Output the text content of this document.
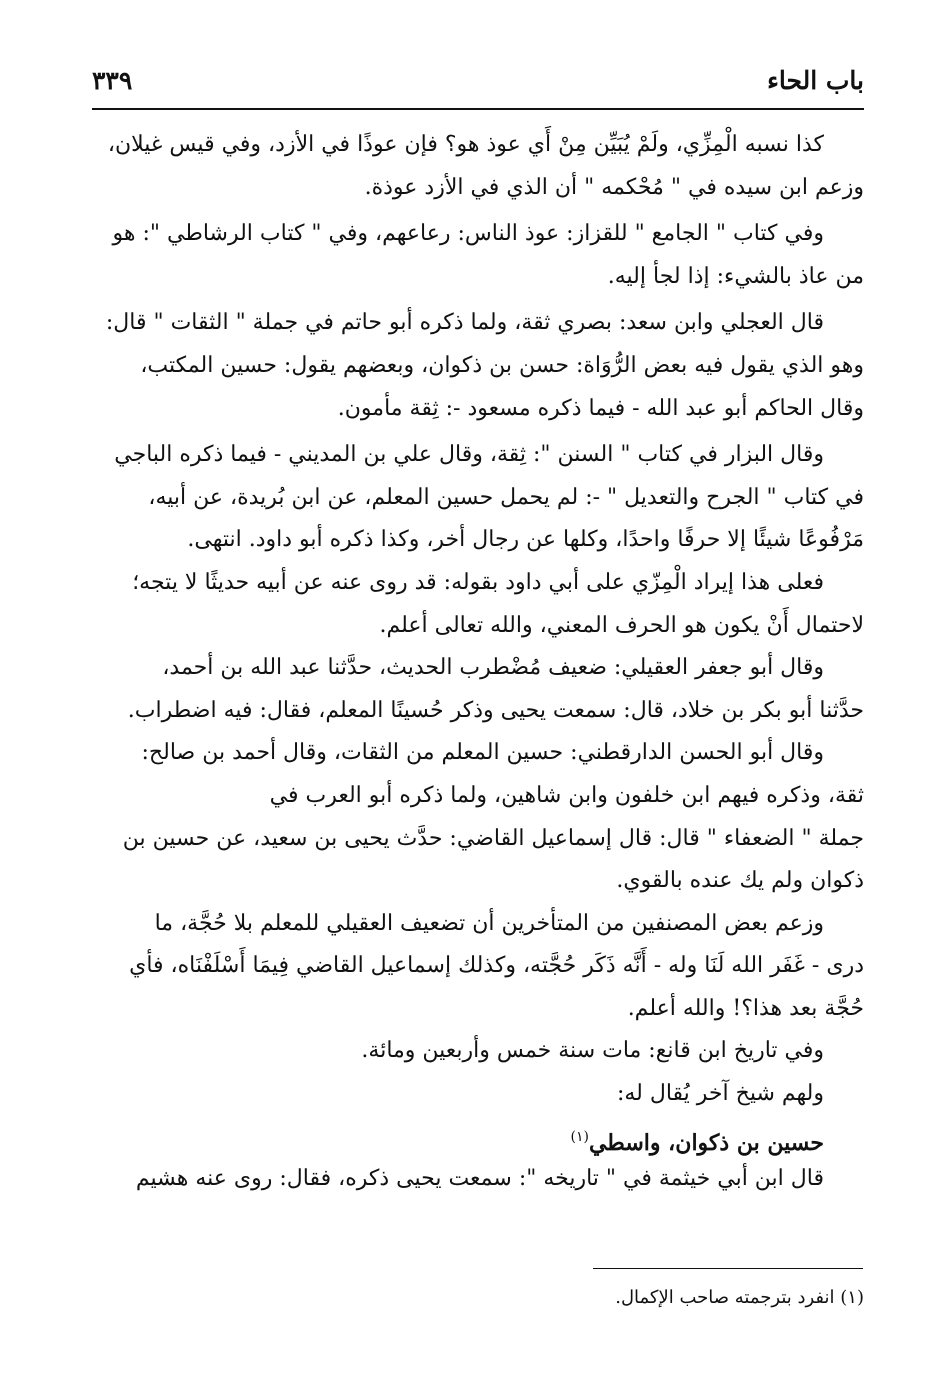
باب الحاء
٣٣٩
كذا نسبه الْمِزِّي، ولَمْ يُبَيِّن مِنْ أَي عوذ هو؟ فإن عوذًا في الأزد، وفي قيس غيلان،
وزعم ابن سيده في " مُحْكمه " أن الذي في الأزد عوذة.
وفي كتاب " الجامع " للقزاز: عوذ الناس: رعاعهم، وفي " كتاب الرشاطي ": هو
من عاذ بالشيء: إذا لجأ إليه.
قال العجلي وابن سعد: بصري ثقة، ولما ذكره أبو حاتم في جملة " الثقات " قال:
وهو الذي يقول فيه بعض الرُّوَاة: حسن بن ذكوان، وبعضهم يقول: حسين المكتب،
وقال الحاكم أبو عبد الله - فيما ذكره مسعود -: ثِقة مأمون.
وقال البزار في كتاب " السنن ": ثِقة، وقال علي بن المديني - فيما ذكره الباجي
في كتاب " الجرح والتعديل " -: لم يحمل حسين المعلم، عن ابن بُريدة، عن أبيه،
مَرْفُوعًا شيئًا إلا حرفًا واحدًا، وكلها عن رجال أخر، وكذا ذكره أبو داود. انتهى.
فعلى هذا إيراد الْمِزّي على أبي داود بقوله: قد روى عنه عن أبيه حديثًا لا يتجه؛
لاحتمال أَنْ يكون هو الحرف المعني، والله تعالى أعلم.
وقال أبو جعفر العقيلي: ضعيف مُضْطرب الحديث، حدَّثنا عبد الله بن أحمد،
حدَّثنا أبو بكر بن خلاد، قال: سمعت يحيى وذكر حُسينًا المعلم، فقال: فيه اضطراب.
وقال أبو الحسن الدارقطني: حسين المعلم من الثقات، وقال أحمد بن صالح:
ثقة، وذكره فيهم ابن خلفون وابن شاهين، ولما ذكره أبو العرب في
جملة " الضعفاء " قال: قال إسماعيل القاضي: حدَّث يحيى بن سعيد، عن حسين بن
ذكوان ولم يك عنده بالقوي.
وزعم بعض المصنفين من المتأخرين أن تضعيف العقيلي للمعلم بلا حُجَّة، ما
درى - غَفَر الله لَنَا وله - أَنَّه ذَكَر حُجَّته، وكذلك إسماعيل القاضي فِيمَا أَسْلَفْنَاه، فأي
حُجَّة بعد هذا؟! والله أعلم.
وفي تاريخ ابن قانع: مات سنة خمس وأربعين ومائة.
ولهم شيخ آخر يُقال له:
حسين بن ذكوان، واسطي$^{(١)}$
قال ابن أبي خيثمة في " تاريخه ": سمعت يحيى ذكره، فقال: روى عنه هشيم
(١) انفرد بترجمته صاحب الإكمال.
